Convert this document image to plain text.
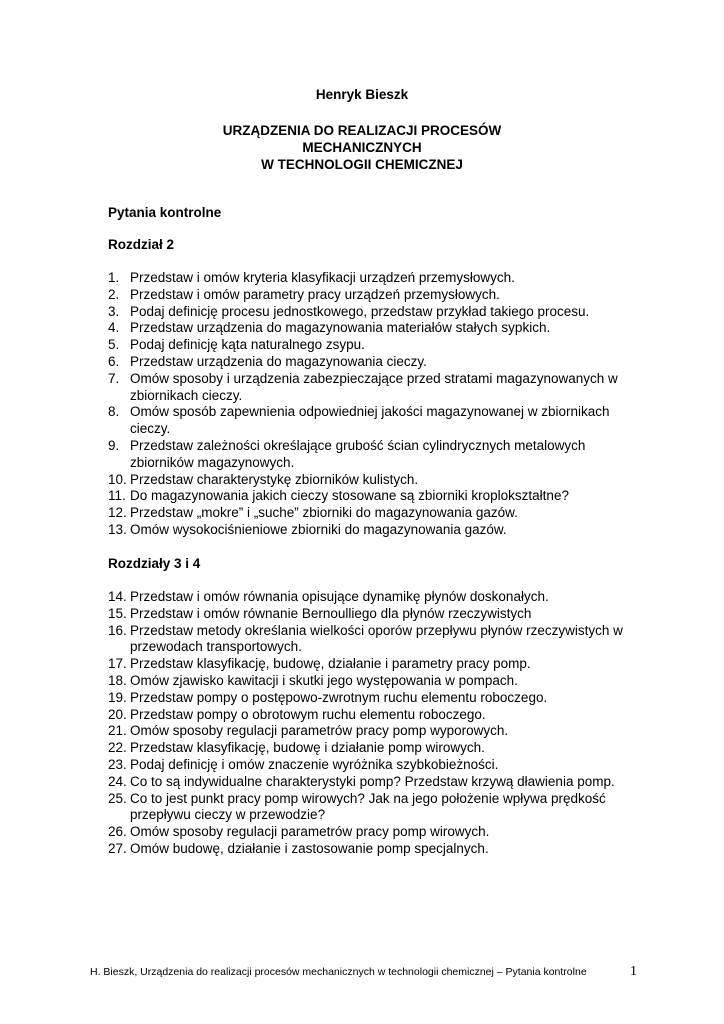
Henryk Bieszk
URZĄDZENIA DO REALIZACJI PROCESÓW
MECHANICZNYCH
W TECHNOLOGII CHEMICZNEJ
Pytania kontrolne
Rozdział 2
1. Przedstaw i omów kryteria klasyfikacji urządzeń przemysłowych.
2. Przedstaw i omów parametry pracy urządzeń przemysłowych.
3. Podaj definicję procesu jednostkowego, przedstaw przykład takiego procesu.
4. Przedstaw urządzenia do magazynowania materiałów stałych sypkich.
5. Podaj definicję kąta naturalnego zsypu.
6. Przedstaw urządzenia do magazynowania cieczy.
7. Omów sposoby i urządzenia zabezpieczające przed stratami magazynowanych w zbiornikach cieczy.
8. Omów sposób zapewnienia odpowiedniej jakości magazynowanej w zbiornikach cieczy.
9. Przedstaw zależności określające grubość ścian cylindrycznych metalowych zbiorników magazynowych.
10. Przedstaw charakterystykę zbiorników kulistych.
11. Do magazynowania jakich cieczy stosowane są zbiorniki kroplokształtne?
12. Przedstaw „mokre” i „suche” zbiorniki do magazynowania gazów.
13. Omów wysokociśnieniowe zbiorniki do magazynowania gazów.
Rozdziały 3 i 4
14. Przedstaw i omów równania opisujące dynamikę płynów doskonałych.
15. Przedstaw i omów równanie Bernoulliego dla płynów rzeczywistych
16. Przedstaw metody określania wielkości oporów przepływu płynów rzeczywistych w przewodach transportowych.
17. Przedstaw klasyfikację, budowę, działanie i parametry pracy pomp.
18. Omów zjawisko kawitacji i skutki jego występowania w pompach.
19. Przedstaw pompy o postępowo-zwrotnym ruchu elementu roboczego.
20. Przedstaw pompy o obrotowym ruchu elementu roboczego.
21. Omów sposoby regulacji parametrów pracy pomp wyporowych.
22. Przedstaw klasyfikację, budowę i działanie pomp wirowych.
23. Podaj definicję i omów znaczenie wyróżnika szybkobieżności.
24. Co to są indywidualne charakterystyki pomp? Przedstaw krzywą dławienia pomp.
25. Co to jest punkt pracy pomp wirowych? Jak na jego położenie wpływa prędkość przepływu cieczy w przewodzie?
26. Omów sposoby regulacji parametrów pracy pomp wirowych.
27. Omów budowę, działanie i zastosowanie pomp specjalnych.
H. Bieszk, Urządzenia do realizacji procesów mechanicznych w technologii chemicznej – Pytania kontrolne	1
